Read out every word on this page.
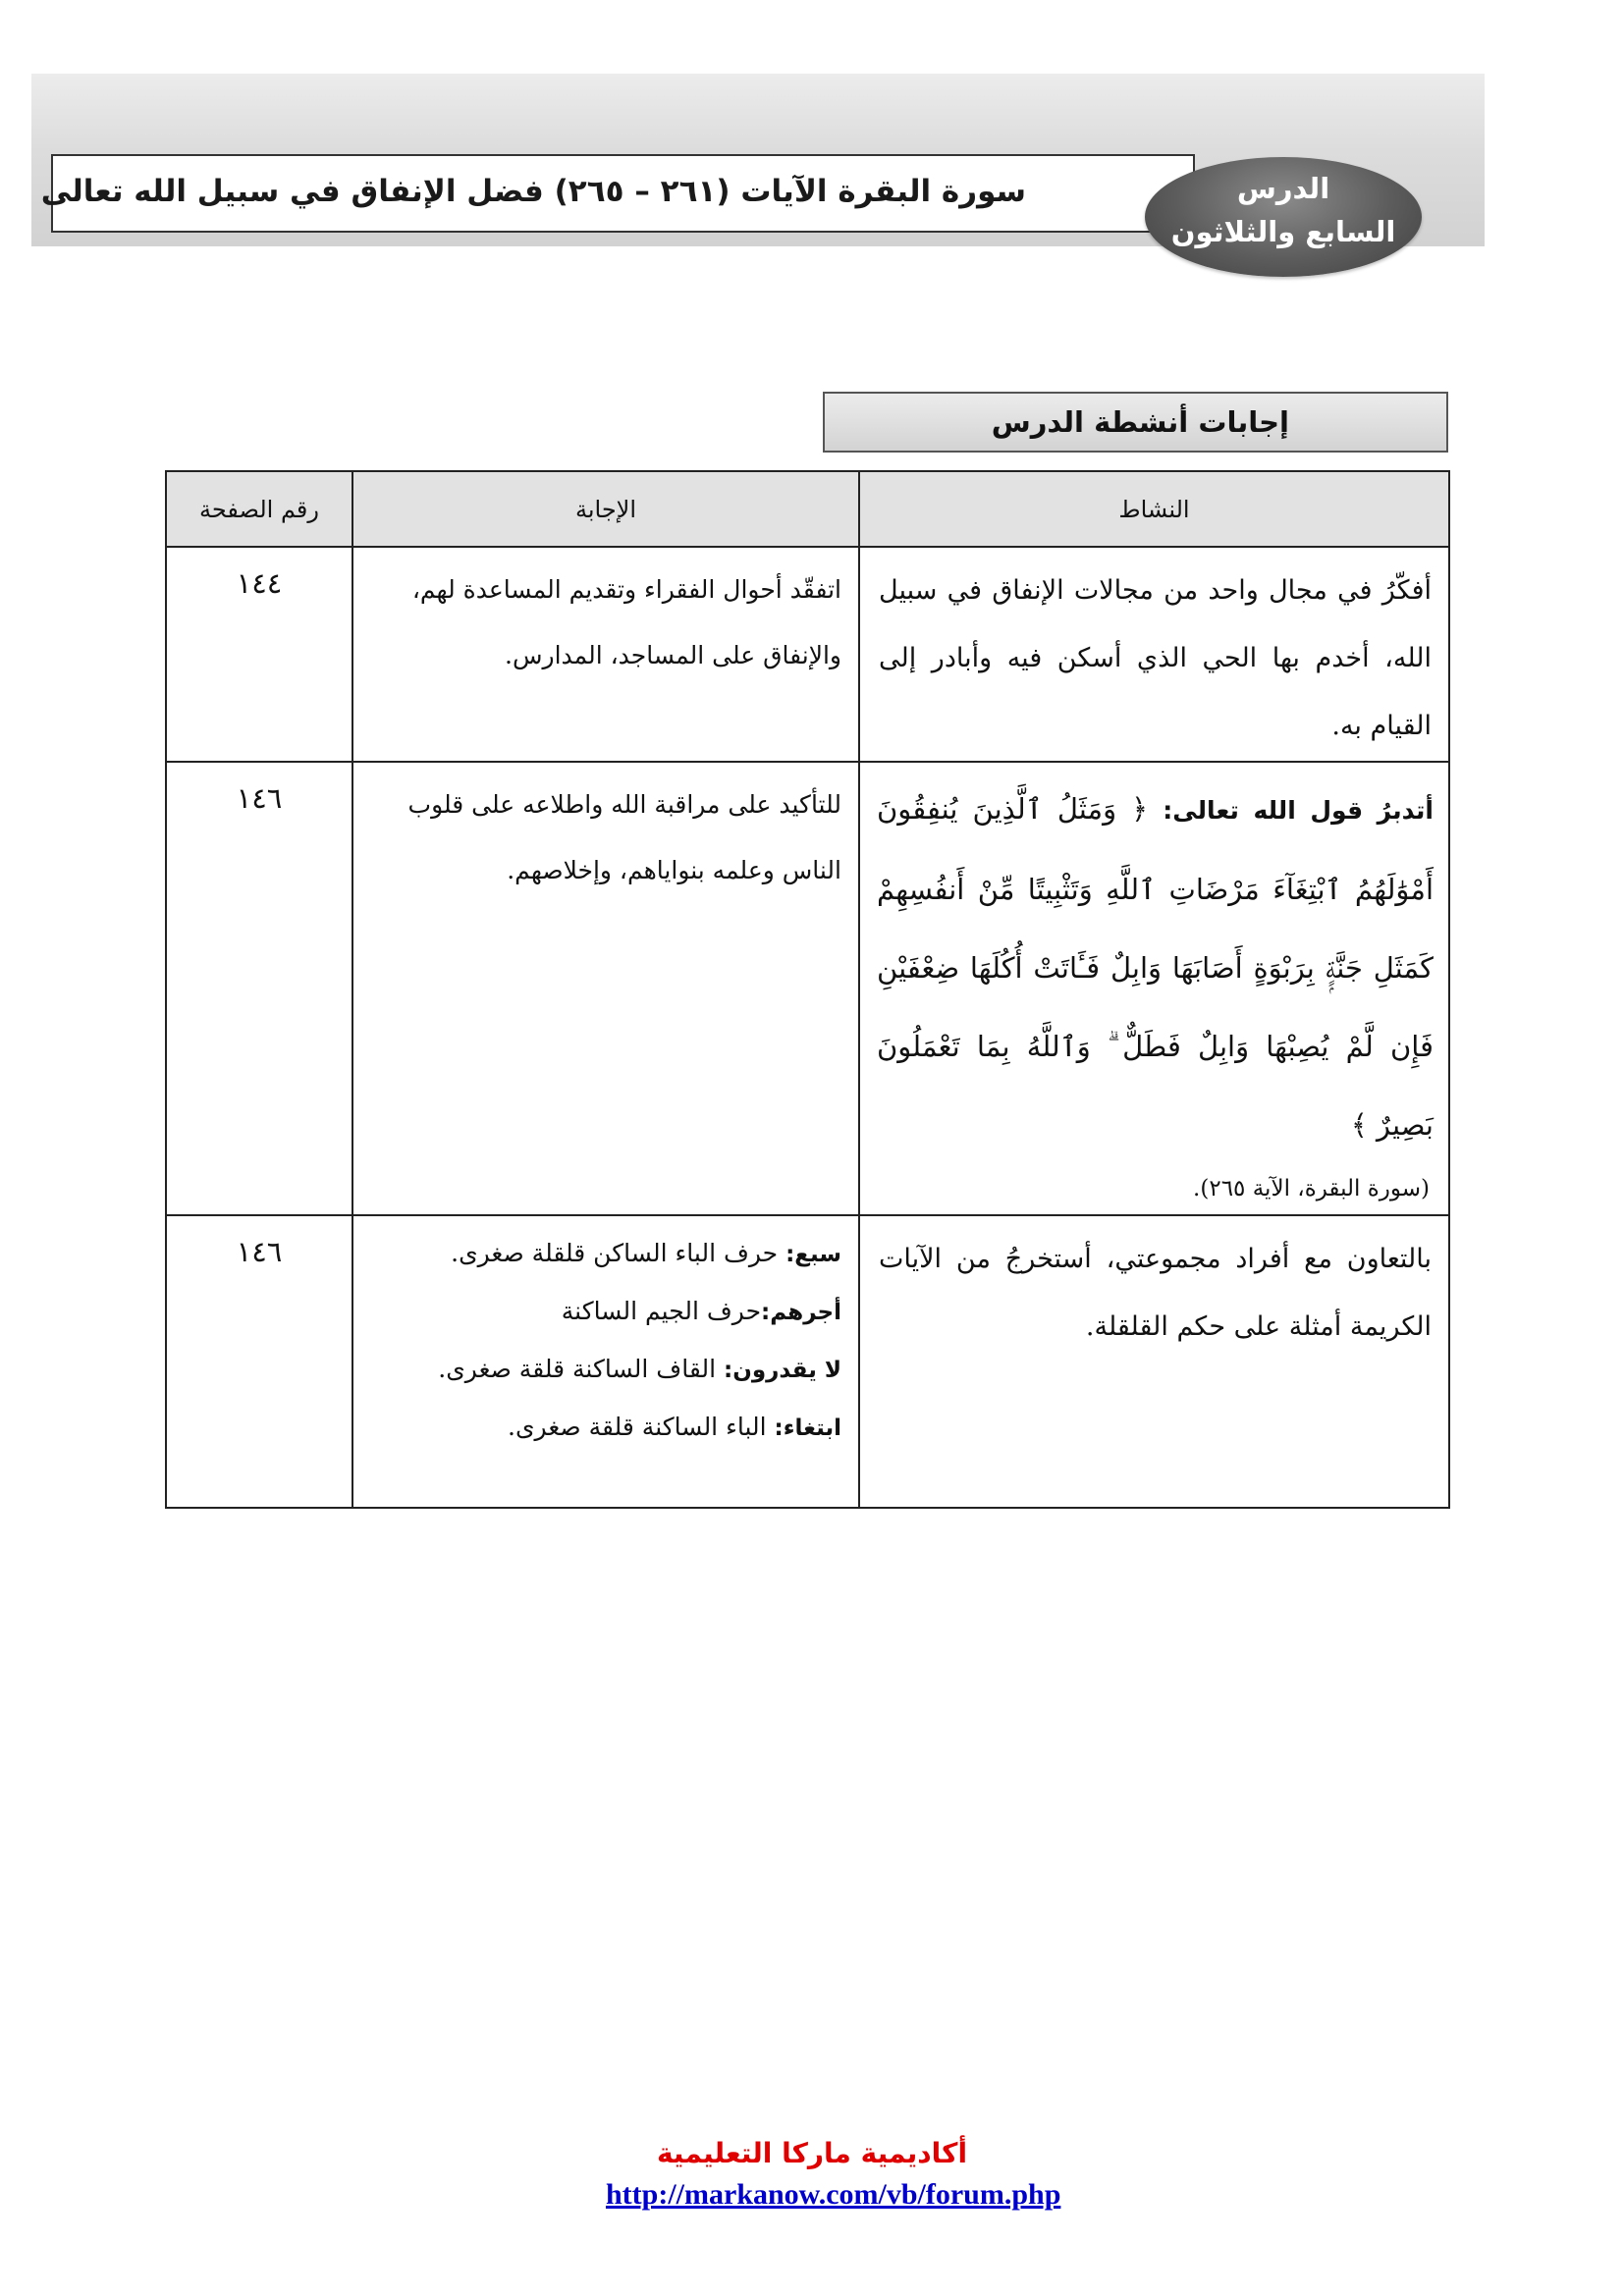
سورة البقرة الآيات (٢٦١ – ٢٦٥) فضل الإنفاق في سبيل الله تعالى	الدرس
السابع والثلاثون
إجابات أنشطة الدرس
النشاط	الإجابة	رقم الصفحة

أفكّرُ في مجال واحد من مجالات الإنفاق في سبيل الله، أخدم بها الحي الذي أسكن فيه وأبادر إلى القيام به.	اتفقّد أحوال الفقراء وتقديم المساعدة لهم، والإنفاق على المساجد، المدارس.	١٤٤

أتدبرُ قول الله تعالى: ﴿ وَمَثَلُ ٱلَّذِينَ يُنفِقُونَ أَمْوَٰلَهُمُ ٱبْتِغَآءَ مَرْضَاتِ ٱللَّهِ وَتَثْبِيتًا مِّنْ أَنفُسِهِمْ كَمَثَلِ جَنَّةٍۭ بِرَبْوَةٍ أَصَابَهَا وَابِلٌ فَـَٔاتَتْ أُكُلَهَا ضِعْفَيْنِ فَإِن لَّمْ يُصِبْهَا وَابِلٌ فَطَلٌّ ۗ وَٱللَّهُ بِمَا تَعْمَلُونَ بَصِيرٌ ﴾
(سورة البقرة، الآية ٢٦٥).	للتأكيد على مراقبة الله واطلاعه على قلوب الناس وعلمه بنواياهم، وإخلاصهم.	١٤٦

بالتعاون مع أفراد مجموعتي، أستخرجُ من الآيات الكريمة أمثلة على حكم القلقلة.	سبع: حرف الباء الساكن قلقلة صغرى.
أجرهم:حرف الجيم الساكنة
لا يقدرون: القاف الساكنة قلقة صغرى.
ابتغاء: الباء الساكنة قلقة صغرى.	١٤٦
أكاديمية ماركا التعليمية
http://markanow.com/vb/forum.php
